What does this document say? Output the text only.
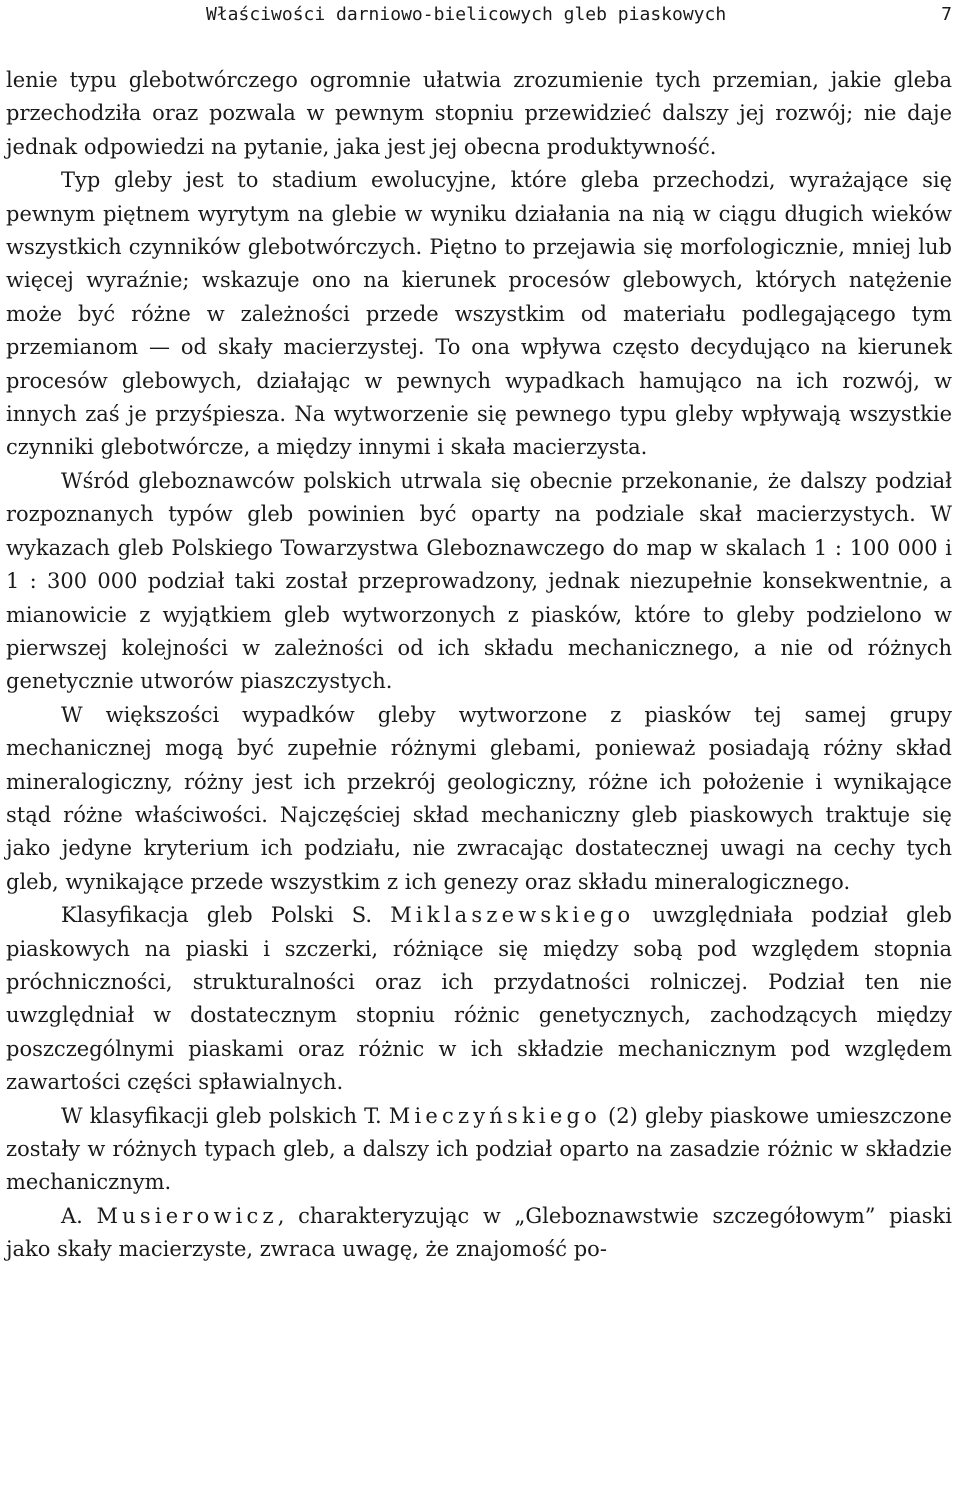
Właściwości darniowo-bielicowych gleb piaskowych	7

lenie typu glebotwórczego ogromnie ułatwia zrozumienie tych przemian, jakie gleba przechodziła oraz pozwala w pewnym stopniu przewidzieć dalszy jej rozwój; nie daje jednak odpowiedzi na pytanie, jaka jest jej obecna produktywność.

Typ gleby jest to stadium ewolucyjne, które gleba przechodzi, wyrażające się pewnym piętnem wyrytym na glebie w wyniku działania na nią w ciągu długich wieków wszystkich czynników glebotwórczych. Piętno to przejawia się morfologicznie, mniej lub więcej wyraźnie; wskazuje ono na kierunek procesów glebowych, których natężenie może być różne w zależności przede wszystkim od materiału podlegającego tym przemianom — od skały macierzystej. To ona wpływa często decydująco na kierunek procesów glebowych, działając w pewnych wypadkach hamująco na ich rozwój, w innych zaś je przyśpiesza. Na wytworzenie się pewnego typu gleby wpływają wszystkie czynniki glebotwórcze, a między innymi i skała macierzysta.

Wśród gleboznawców polskich utrwala się obecnie przekonanie, że dalszy podział rozpoznanych typów gleb powinien być oparty na podziale skał macierzystych. W wykazach gleb Polskiego Towarzystwa Gleboznawczego do map w skalach 1 : 100 000 i 1 : 300 000 podział taki został przeprowadzony, jednak niezupełnie konsekwentnie, a mianowicie z wyjątkiem gleb wytworzonych z piasków, które to gleby podzielono w pierwszej kolejności w zależności od ich składu mechanicznego, a nie od różnych genetycznie utworów piaszczystych.

W większości wypadków gleby wytworzone z piasków tej samej grupy mechanicznej mogą być zupełnie różnymi glebami, ponieważ posiadają różny skład mineralogiczny, różny jest ich przekrój geologiczny, różne ich położenie i wynikające stąd różne właściwości. Najczęściej skład mechaniczny gleb piaskowych traktuje się jako jedyne kryterium ich podziału, nie zwracając dostatecznej uwagi na cechy tych gleb, wynikające przede wszystkim z ich genezy oraz składu mineralogicznego.

Klasyfikacja gleb Polski S. Miklaszewskiego uwzględniała podział gleb piaskowych na piaski i szczerki, różniące się między sobą pod względem stopnia próchniczności, strukturalności oraz ich przydatności rolniczej. Podział ten nie uwzględniał w dostatecznym stopniu różnic genetycznych, zachodzących między poszczególnymi piaskami oraz różnic w ich składzie mechanicznym pod względem zawartości części spławialnych.

W klasyfikacji gleb polskich T. Mieczyńskiego (2) gleby piaskowe umieszczone zostały w różnych typach gleb, a dalszy ich podział oparto na zasadzie różnic w składzie mechanicznym.

A. Musierowicz, charakteryzując w „Gleboznawstwie szczegółowym” piaski jako skały macierzyste, zwraca uwagę, że znajomość po-
